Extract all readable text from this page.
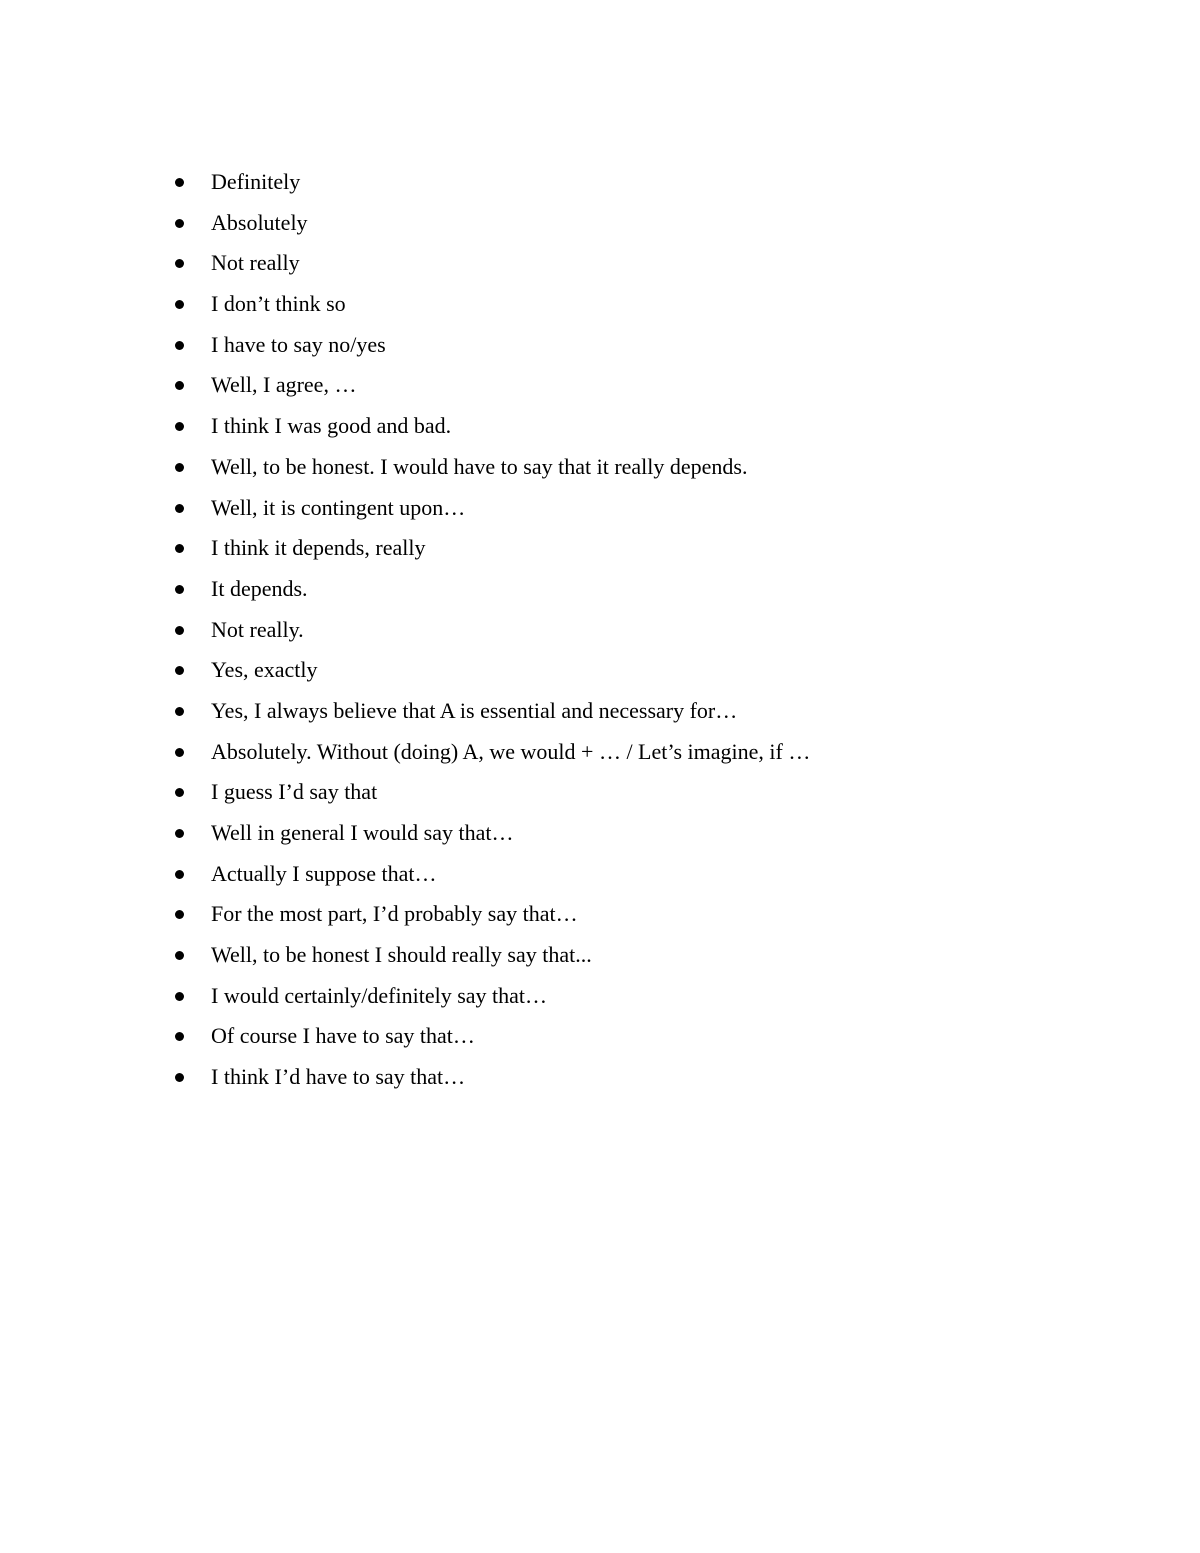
Definitely
Absolutely
Not really
I don’t think so
I have to say no/yes
Well, I agree, …
I think I was good and bad.
Well, to be honest. I would have to say that it really depends.
Well, it is contingent upon…
I think it depends, really
It depends.
Not really.
Yes, exactly
Yes, I always believe that A is essential and necessary for…
Absolutely. Without (doing) A, we would + … / Let’s imagine, if …
I guess I’d say that
Well in general I would say that…
Actually I suppose that…
For the most part, I’d probably say that…
Well, to be honest I should really say that...
I would certainly/definitely say that…
Of course I have to say that…
I think I’d have to say that…
